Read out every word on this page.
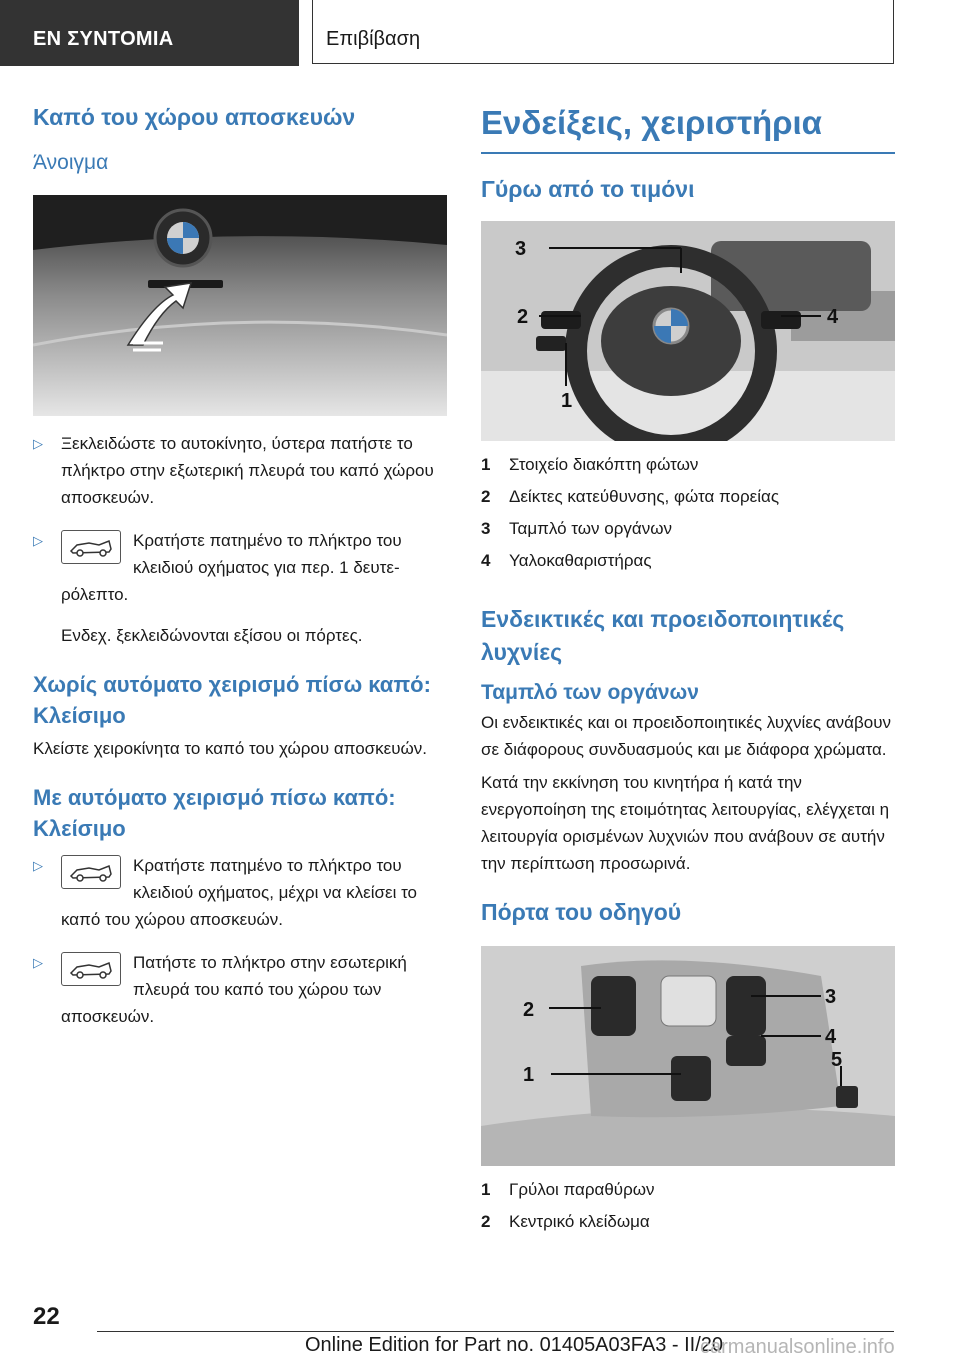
ΕΝ ΣΥΝΤΟΜΙΑ	Επιβίβαση
Καπό του χώρου αποσκευών
Άνοιγμα
▷ Ξεκλειδώστε το αυτοκίνητο, ύστερα πατήστε το πλήκτρο στην εξωτερική πλευρά του καπό χώρου αποσκευών.
▷	Κρατήστε πατημένο το πλήκτρο του κλειδιού οχήματος για περ. 1 δευτερόλεπτο.

Ενδεχ. ξεκλειδώνονται εξίσου οι πόρτες.

Χωρίς αυτόματο χειρισμό πίσω καπό: Κλείσιμο

Κλείστε χειροκίνητα το καπό του χώρου αποσκευών.

Με αυτόματο χειρισμό πίσω καπό: Κλείσιμο
▷	Κρατήστε πατημένο το πλήκτρο του κλειδιού οχήματος, μέχρι να κλείσει το καπό του χώρου αποσκευών.
▷	Πατήστε το πλήκτρο στην εσωτερική πλευρά του καπό του χώρου των αποσκευών.
Ενδείξεις, χειριστήρια
Γύρω από το τιμόνι
3
2
1
4
1 Στοιχείο διακόπτη φώτων
2 Δείκτες κατεύθυνσης, φώτα πορείας
3 Ταμπλό των οργάνων
4 Υαλοκαθαριστήρας
Ενδεικτικές και προειδοποιητικές λυχνίες
Ταμπλό των οργάνων

Οι ενδεικτικές και οι προειδοποιητικές λυχνίες ανάβουν σε διάφορους συνδυασμούς και με διάφορα χρώματα.

Κατά την εκκίνηση του κινητήρα ή κατά την ενεργοποίηση της ετοιμότητας λειτουργίας, ελέγχεται η λειτουργία ορισμένων λυχνιών που ανάβουν σε αυτήν την περίπτωση προσωρινά.

Πόρτα του οδηγού
2
1
3
4
5
1 Γρύλοι παραθύρων
2 Κεντρικό κλείδωμα
22
Online Edition for Part no. 01405A03FA3 - II/20
carmanualsonline.info
